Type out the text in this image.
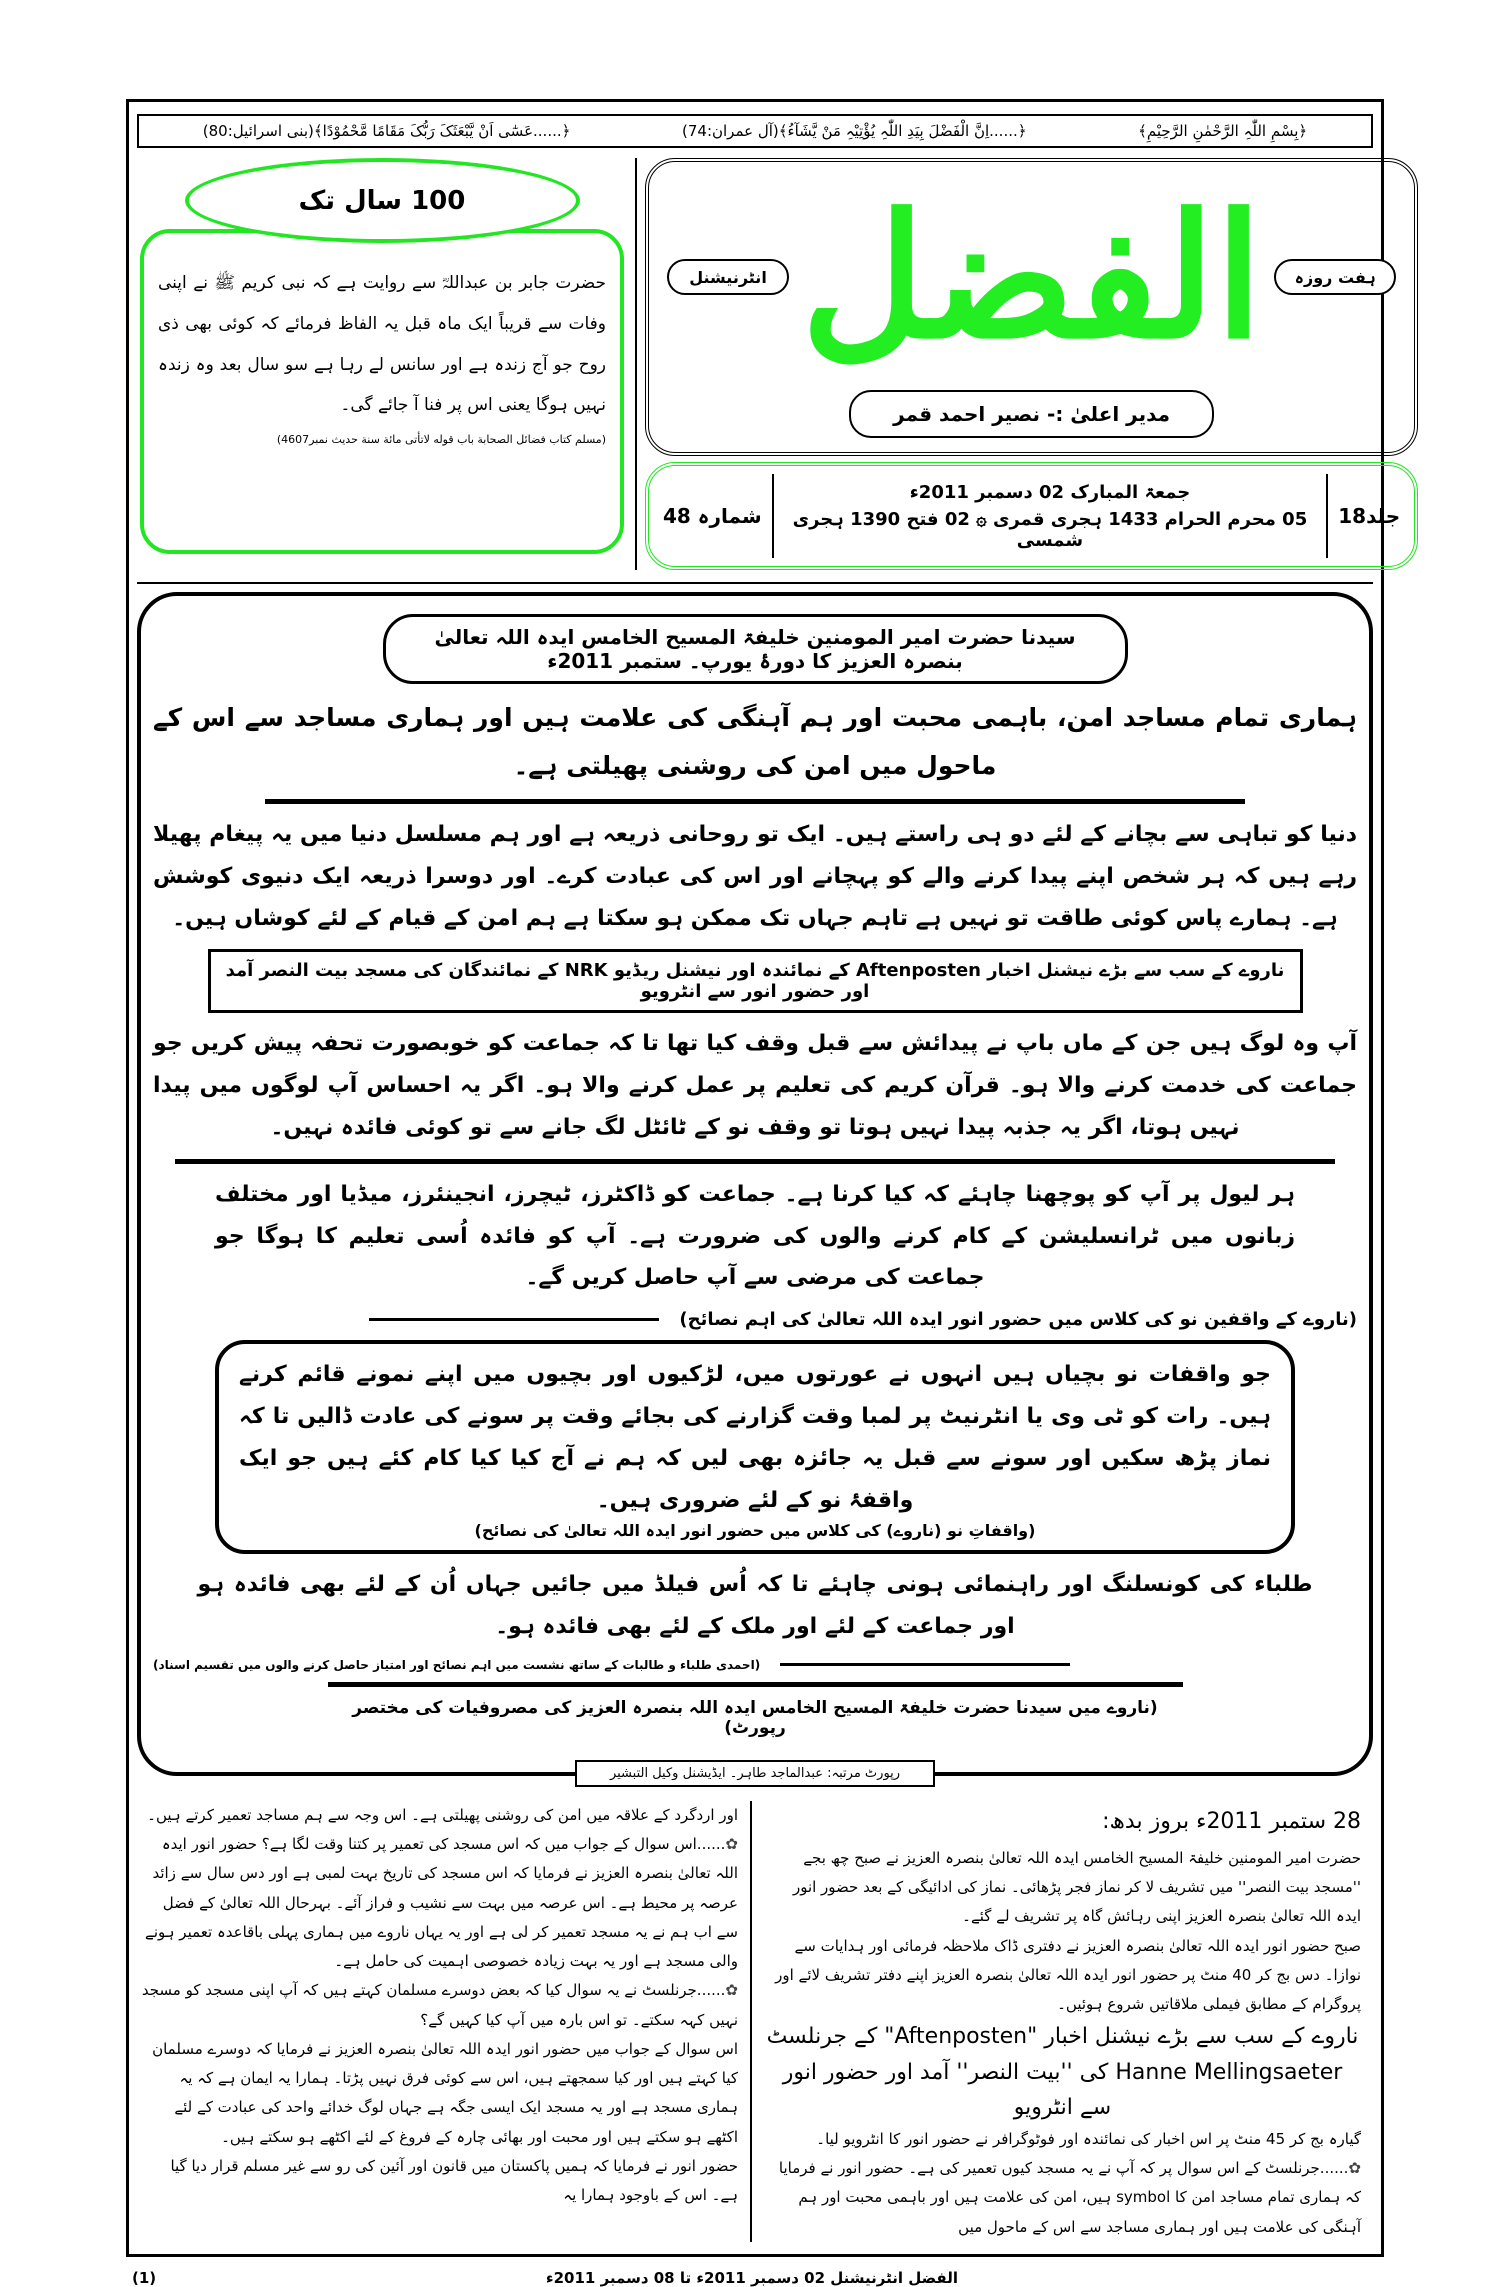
﴿......عَسٰٓی اَنْ یَّبْعَثَکَ رَبُّکَ مَقَامًا مَّحْمُوْدًا﴾(بنی اسرائیل:80)	﴿......اِنَّ الْفَضْلَ بِیَدِ اللّٰہِ یُؤْتِیْہِ مَنْ یَّشَآءُ﴾(آل عمران:74)	﴿بِسْمِ اللّٰہِ الرَّحْمٰنِ الرَّحِیْمِ﴾
100 سال تک
حضرت جابر بن عبداللہؓ سے روایت ہے کہ نبی کریم ﷺ نے اپنی وفات سے قریباً ایک ماہ قبل یہ الفاظ فرمائے کہ کوئی بھی ذی روح جو آج زندہ ہے اور سانس لے رہا ہے سو سال بعد وہ زندہ نہیں ہوگا یعنی اس پر فنا آ جائے گی۔
(مسلم کتاب فضائل الصحابة باب قوله لاتأتی مائة سنة حدیث نمبر4607)
انٹرنیشنل الفضل	ہفت روزہ
مدیر اعلیٰ :- نصیر احمد قمر
شمارہ 48
جمعۃ المبارک 02 دسمبر 2011ء
05 محرم الحرام 1433 ہجری قمری ۞ 02 فتح 1390 ہجری شمسی
جلد18
سیدنا حضرت امیر المومنین خلیفۃ المسیح الخامس ایدہ اللہ تعالیٰ بنصرہ العزیز کا دورۂ یورپ۔ ستمبر 2011ء
ہماری تمام مساجد امن، باہمی محبت اور ہم آہنگی کی علامت ہیں اور ہماری مساجد سے اس کے ماحول میں امن کی روشنی پھیلتی ہے۔
دنیا کو تباہی سے بچانے کے لئے دو ہی راستے ہیں۔ ایک تو روحانی ذریعہ ہے اور ہم مسلسل دنیا میں یہ پیغام پھیلا رہے ہیں کہ ہر شخص اپنے پیدا کرنے والے کو پہچانے اور اس کی عبادت کرے۔ اور دوسرا ذریعہ ایک دنیوی کوشش ہے۔ ہمارے پاس کوئی طاقت تو نہیں ہے تاہم جہاں تک ممکن ہو سکتا ہے ہم امن کے قیام کے لئے کوشاں ہیں۔
ناروے کے سب سے بڑے نیشنل اخبار Aftenposten کے نمائندہ اور نیشنل ریڈیو NRK کے نمائندگان کی مسجد بیت النصر آمد اور حضور انور سے انٹرویو
آپ وہ لوگ ہیں جن کے ماں باپ نے پیدائش سے قبل وقف کیا تھا تا کہ جماعت کو خوبصورت تحفہ پیش کریں جو جماعت کی خدمت کرنے والا ہو۔ قرآن کریم کی تعلیم پر عمل کرنے والا ہو۔ اگر یہ احساس آپ لوگوں میں پیدا نہیں ہوتا، اگر یہ جذبہ پیدا نہیں ہوتا تو وقف نو کے ٹائٹل لگ جانے سے تو کوئی فائدہ نہیں۔
ہر لیول پر آپ کو پوچھنا چاہئے کہ کیا کرنا ہے۔ جماعت کو ڈاکٹرز، ٹیچرز، انجینئرز، میڈیا اور مختلف زبانوں میں ٹرانسلیشن کے کام کرنے والوں کی ضرورت ہے۔ آپ کو فائدہ اُسی تعلیم کا ہوگا جو جماعت کی مرضی سے آپ حاصل کریں گے۔
(ناروے کے واقفین نو کی کلاس میں حضور انور ایدہ اللہ تعالیٰ کی اہم نصائح)
جو واقفات نو بچیاں ہیں انہوں نے عورتوں میں، لڑکیوں اور بچیوں میں اپنے نمونے قائم کرنے ہیں۔ رات کو ٹی وی یا انٹرنیٹ پر لمبا وقت گزارنے کی بجائے وقت پر سونے کی عادت ڈالیں تا کہ نماز پڑھ سکیں اور سونے سے قبل یہ جائزہ بھی لیں کہ ہم نے آج کیا کیا کام کئے ہیں جو ایک واقفۂ نو کے لئے ضروری ہیں۔
(واقفاتِ نو (ناروے) کی کلاس میں حضور انور ایدہ اللہ تعالیٰ کی نصائح)
طلباء کی کونسلنگ اور راہنمائی ہونی چاہئے تا کہ اُس فیلڈ میں جائیں جہاں اُن کے لئے بھی فائدہ ہو اور جماعت کے لئے اور ملک کے لئے بھی فائدہ ہو۔
(احمدی طلباء و طالبات کے ساتھ نشست میں اہم نصائح اور امتیاز حاصل کرنے والوں میں تقسیم اسناد)
(ناروے میں سیدنا حضرت خلیفۃ المسیح الخامس ایدہ اللہ بنصرہ العزیز کی مصروفیات کی مختصر رپورٹ)
رپورٹ مرتبہ: عبدالماجد طاہر۔ ایڈیشنل وکیل التبشیر
اور اردگرد کے علاقہ میں امن کی روشنی پھیلتی ہے۔ اس وجہ سے ہم مساجد تعمیر کرتے ہیں۔
✿......اس سوال کے جواب میں کہ اس مسجد کی تعمیر پر کتنا وقت لگا ہے؟ حضور انور ایدہ اللہ تعالیٰ بنصرہ العزیز نے فرمایا کہ اس مسجد کی تاریخ بہت لمبی ہے اور دس سال سے زائد عرصہ پر محیط ہے۔ اس عرصہ میں بہت سے نشیب و فراز آئے۔ بہرحال اللہ تعالیٰ کے فضل سے اب ہم نے یہ مسجد تعمیر کر لی ہے اور یہ یہاں ناروے میں ہماری پہلی باقاعدہ تعمیر ہونے والی مسجد ہے اور یہ بہت زیادہ خصوصی اہمیت کی حامل ہے۔
✿......جرنلسٹ نے یہ سوال کیا کہ بعض دوسرے مسلمان کہتے ہیں کہ آپ اپنی مسجد کو مسجد نہیں کہہ سکتے۔ تو اس بارہ میں آپ کیا کہیں گے؟
اس سوال کے جواب میں حضور انور ایدہ اللہ تعالیٰ بنصرہ العزیز نے فرمایا کہ دوسرے مسلمان کیا کہتے ہیں اور کیا سمجھتے ہیں، اس سے کوئی فرق نہیں پڑتا۔ ہمارا یہ ایمان ہے کہ یہ ہماری مسجد ہے اور یہ مسجد ایک ایسی جگہ ہے جہاں لوگ خدائے واحد کی عبادت کے لئے اکٹھے ہو سکتے ہیں اور محبت اور بھائی چارہ کے فروغ کے لئے اکٹھے ہو سکتے ہیں۔
حضور انور نے فرمایا کہ ہمیں پاکستان میں قانون اور آئین کی رو سے غیر مسلم قرار دیا گیا ہے۔ اس کے باوجود ہمارا یہ
28 ستمبر 2011ء بروز بدھ:
حضرت امیر المومنین خلیفۃ المسیح الخامس ایدہ اللہ تعالیٰ بنصرہ العزیز نے صبح چھ بجے ''مسجد بیت النصر'' میں تشریف لا کر نماز فجر پڑھائی۔ نماز کی ادائیگی کے بعد حضور انور ایدہ اللہ تعالیٰ بنصرہ العزیز اپنی رہائش گاہ پر تشریف لے گئے۔
صبح حضور انور ایدہ اللہ تعالیٰ بنصرہ العزیز نے دفتری ڈاک ملاحظہ فرمائی اور ہدایات سے نوازا۔ دس بج کر 40 منٹ پر حضور انور ایدہ اللہ تعالیٰ بنصرہ العزیز اپنے دفتر تشریف لائے اور پروگرام کے مطابق فیملی ملاقاتیں شروع ہوئیں۔
ناروے کے سب سے بڑے نیشنل اخبار "Aftenposten" کے جرنلسٹ
Hanne Mellingsaeter کی ''بیت النصر'' آمد اور حضور انور سے انٹرویو
گیارہ بج کر 45 منٹ پر اس اخبار کی نمائندہ اور فوٹوگرافر نے حضور انور کا انٹرویو لیا۔
✿......جرنلسٹ کے اس سوال پر کہ آپ نے یہ مسجد کیوں تعمیر کی ہے۔ حضور انور نے فرمایا کہ ہماری تمام مساجد امن کا symbol ہیں، امن کی علامت ہیں اور باہمی محبت اور ہم آہنگی کی علامت ہیں اور ہماری مساجد سے اس کے ماحول میں
(1)	الفضل انٹرنیشنل 02 دسمبر 2011ء تا 08 دسمبر 2011ء
